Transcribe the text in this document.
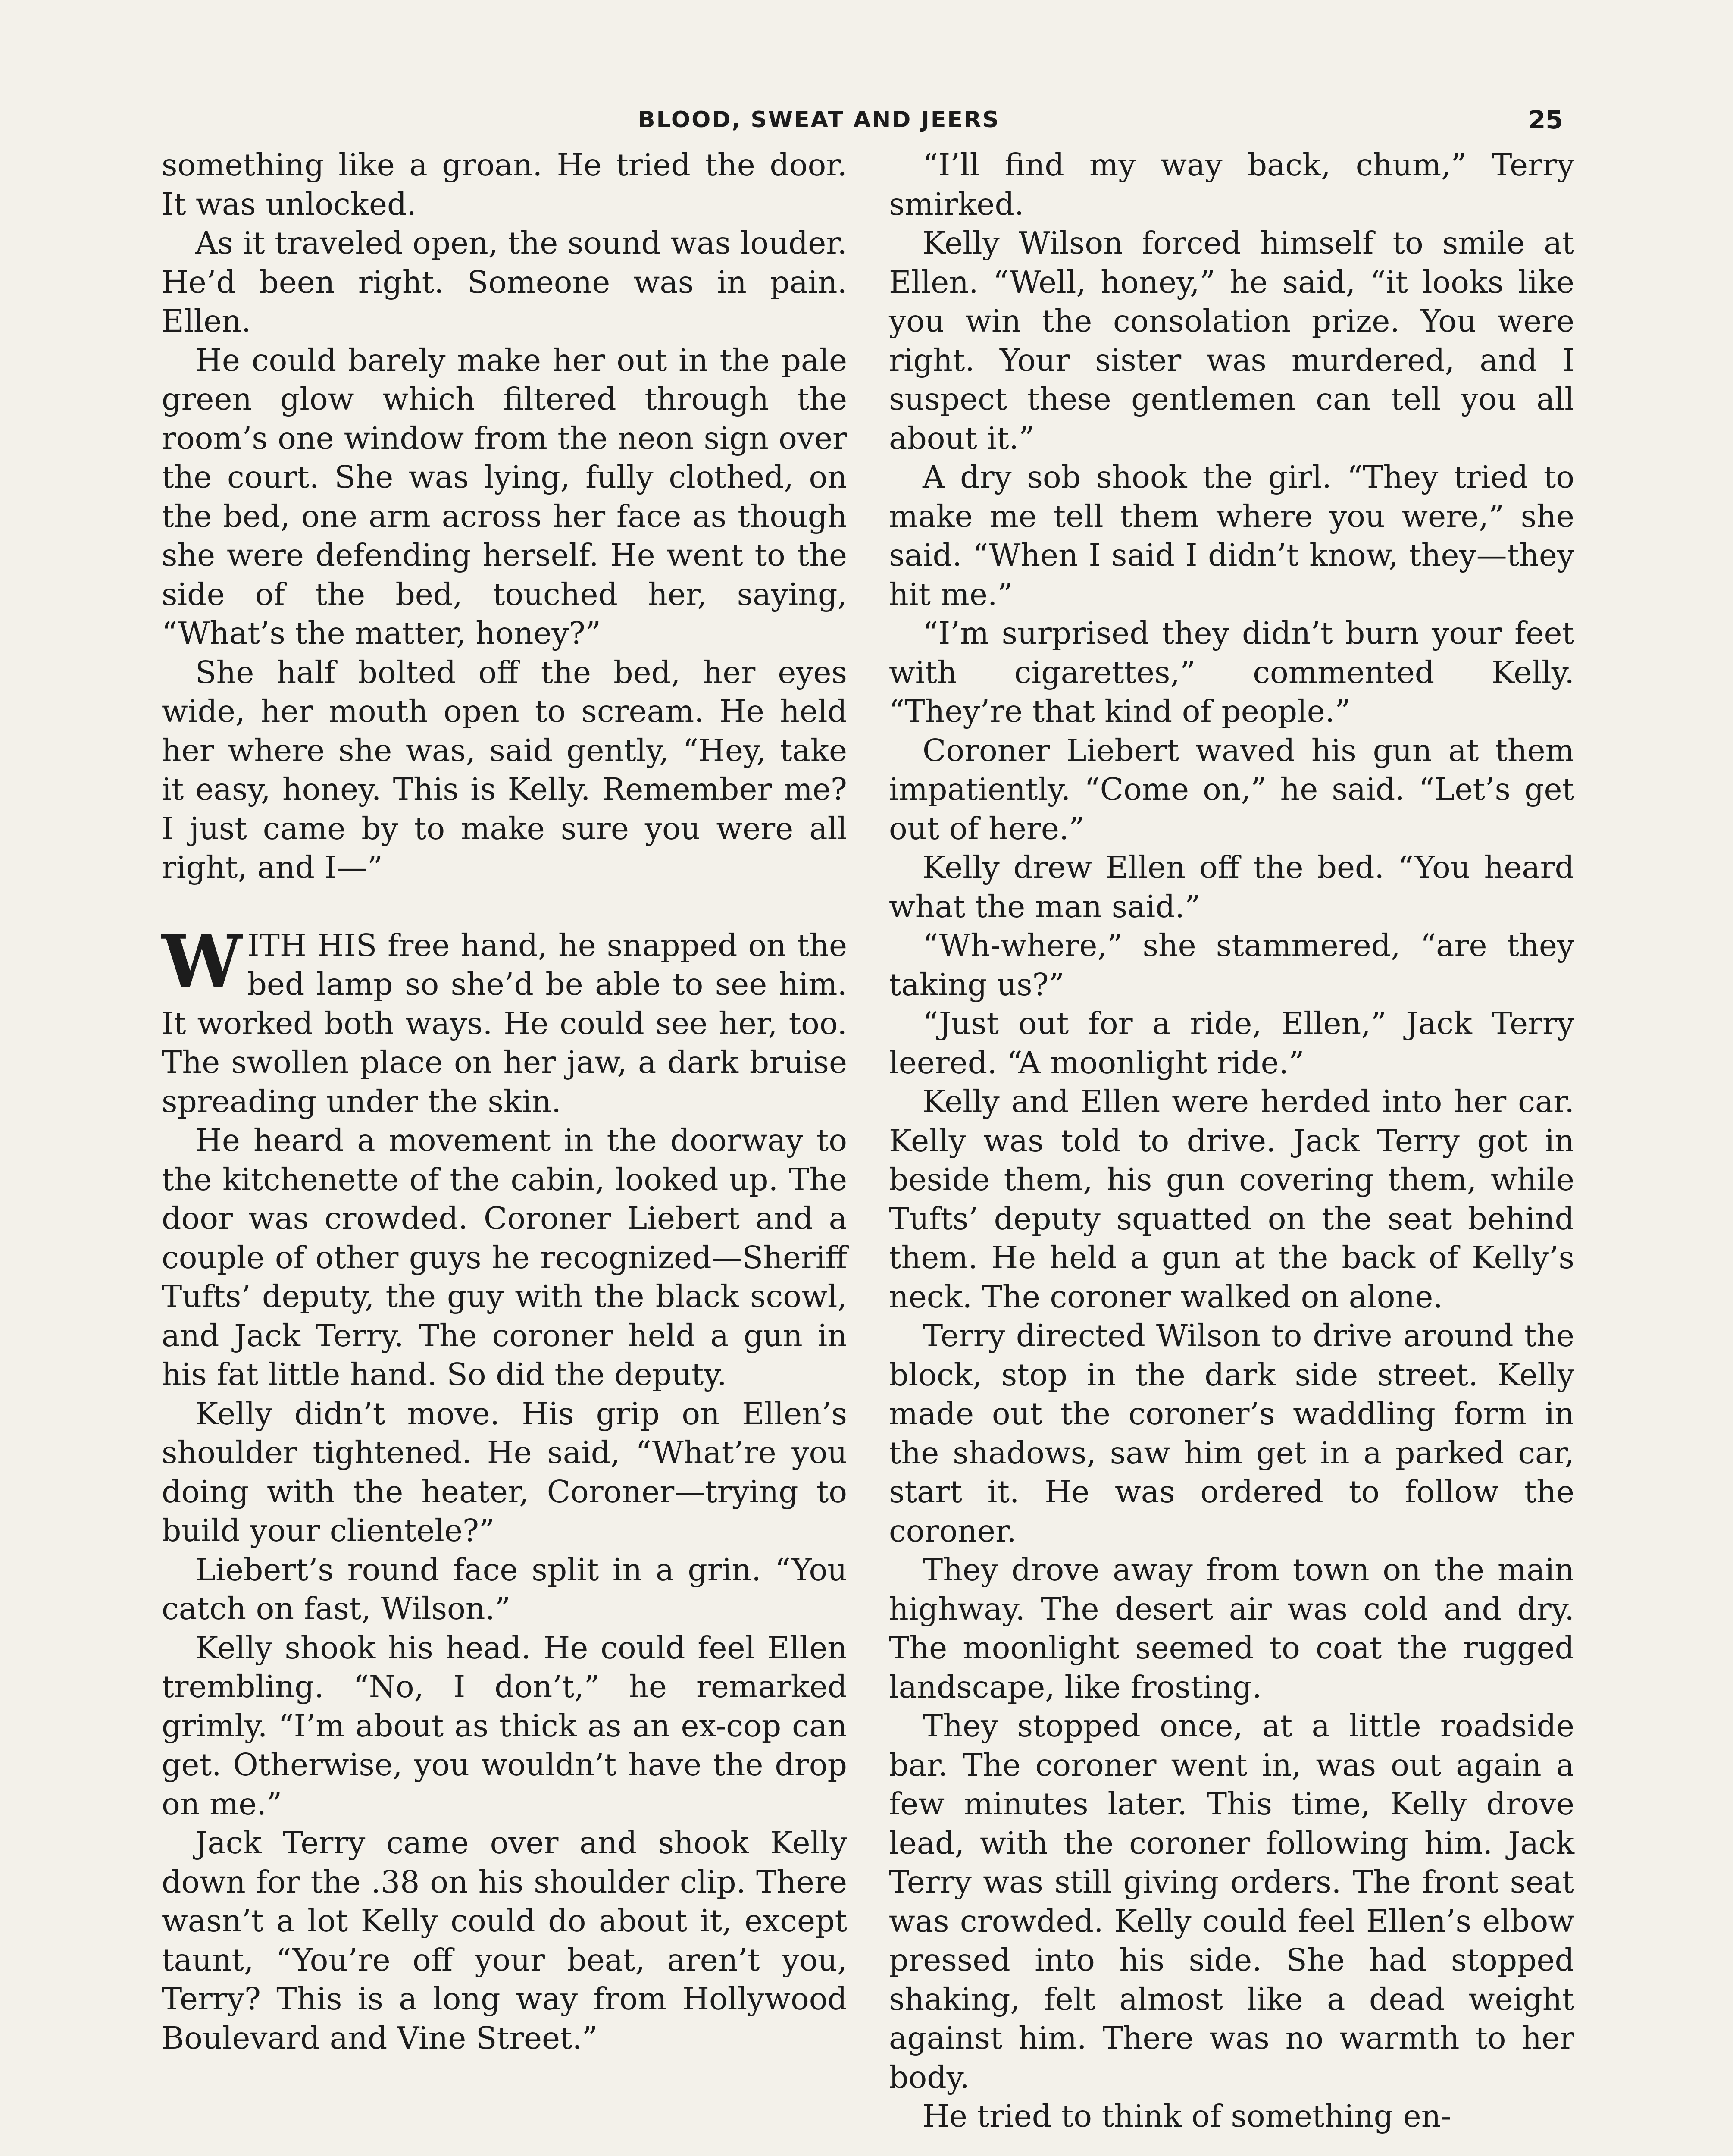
BLOOD, SWEAT AND JEERS	25

something like a groan. He tried the door. It was unlocked.

As it traveled open, the sound was louder. He’d been right. Someone was in pain. Ellen.

He could barely make her out in the pale green glow which filtered through the room’s one window from the neon sign over the court. She was lying, fully clothed, on the bed, one arm across her face as though she were defending herself. He went to the side of the bed, touched her, saying, “What’s the matter, honey?”

She half bolted off the bed, her eyes wide, her mouth open to scream. He held her where she was, said gently, “Hey, take it easy, honey. This is Kelly. Remember me? I just came by to make sure you were all right, and I—”

WITH HIS free hand, he snapped on the bed lamp so she’d be able to see him. It worked both ways. He could see her, too. The swollen place on her jaw, a dark bruise spreading under the skin.

He heard a movement in the doorway to the kitchenette of the cabin, looked up. The door was crowded. Coroner Liebert and a couple of other guys he recognized—Sheriff Tufts’ deputy, the guy with the black scowl, and Jack Terry. The coroner held a gun in his fat little hand. So did the deputy.

Kelly didn’t move. His grip on Ellen’s shoulder tightened. He said, “What’re you doing with the heater, Coroner—trying to build your clientele?”

Liebert’s round face split in a grin. “You catch on fast, Wilson.”

Kelly shook his head. He could feel Ellen trembling. “No, I don’t,” he remarked grimly. “I’m about as thick as an ex-cop can get. Otherwise, you wouldn’t have the drop on me.”

Jack Terry came over and shook Kelly down for the .38 on his shoulder clip. There wasn’t a lot Kelly could do about it, except taunt, “You’re off your beat, aren’t you, Terry? This is a long way from Hollywood Boulevard and Vine Street.”

“I’ll find my way back, chum,” Terry smirked.

Kelly Wilson forced himself to smile at Ellen. “Well, honey,” he said, “it looks like you win the consolation prize. You were right. Your sister was murdered, and I suspect these gentlemen can tell you all about it.”

A dry sob shook the girl. “They tried to make me tell them where you were,” she said. “When I said I didn’t know, they—they hit me.”

“I’m surprised they didn’t burn your feet with cigarettes,” commented Kelly. “They’re that kind of people.”

Coroner Liebert waved his gun at them impatiently. “Come on,” he said. “Let’s get out of here.”

Kelly drew Ellen off the bed. “You heard what the man said.”

“Wh-where,” she stammered, “are they taking us?”

“Just out for a ride, Ellen,” Jack Terry leered. “A moonlight ride.”

Kelly and Ellen were herded into her car. Kelly was told to drive. Jack Terry got in beside them, his gun covering them, while Tufts’ deputy squatted on the seat behind them. He held a gun at the back of Kelly’s neck. The coroner walked on alone.

Terry directed Wilson to drive around the block, stop in the dark side street. Kelly made out the coroner’s waddling form in the shadows, saw him get in a parked car, start it. He was ordered to follow the coroner.

They drove away from town on the main highway. The desert air was cold and dry. The moonlight seemed to coat the rugged landscape, like frosting.

They stopped once, at a little roadside bar. The coroner went in, was out again a few minutes later. This time, Kelly drove lead, with the coroner following him. Jack Terry was still giving orders. The front seat was crowded. Kelly could feel Ellen’s elbow pressed into his side. She had stopped shaking, felt almost like a dead weight against him. There was no warmth to her body.

He tried to think of something en-
